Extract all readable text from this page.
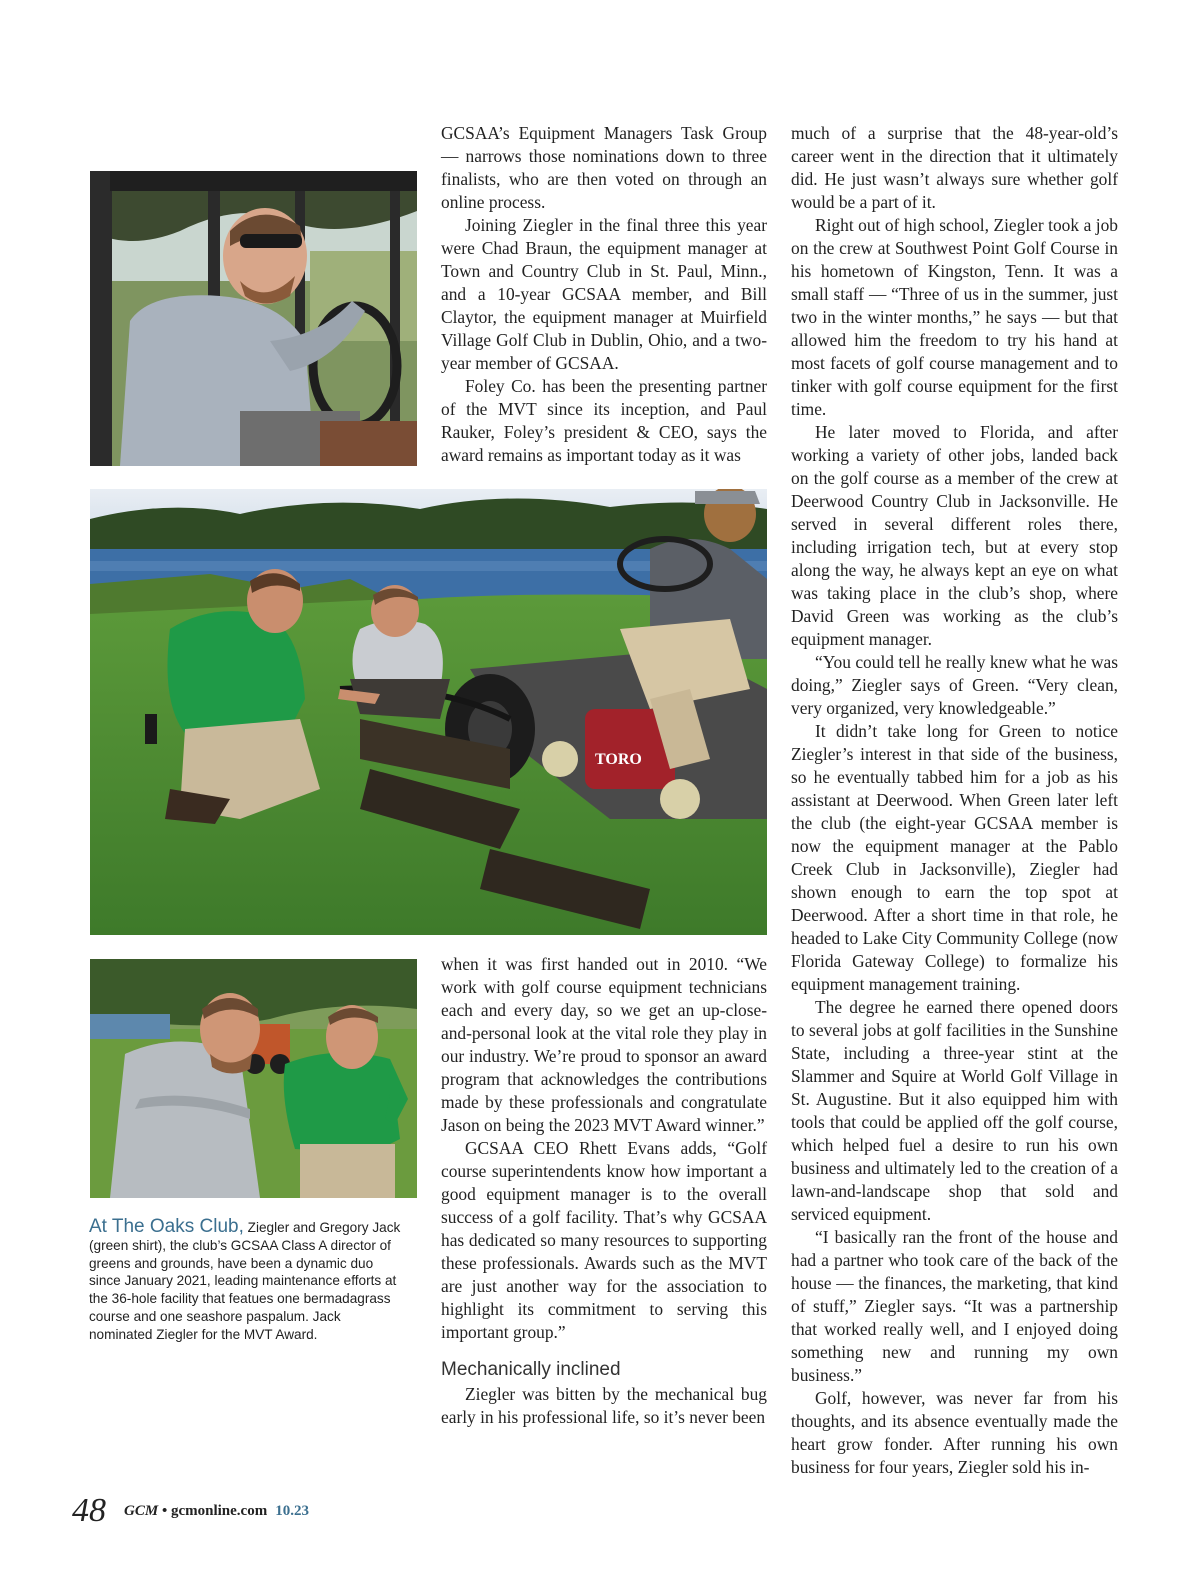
TORO

GCSAA’s Equipment Managers Task Group — narrows those nominations down to three finalists, who are then voted on through an online process.

Joining Ziegler in the final three this year were Chad Braun, the equipment manager at Town and Country Club in St. Paul, Minn., and a 10-year GCSAA member, and Bill Claytor, the equipment manager at Muirfield Village Golf Club in Dublin, Ohio, and a two-year member of GCSAA.

Foley Co. has been the presenting partner of the MVT since its inception, and Paul Rauker, Foley’s president & CEO, says the award remains as important today as it was

when it was first handed out in 2010. “We work with golf course equipment technicians each and every day, so we get an up-close-and-personal look at the vital role they play in our industry. We’re proud to sponsor an award program that acknowledges the contributions made by these professionals and congratulate Jason on being the 2023 MVT Award winner.”

GCSAA CEO Rhett Evans adds, “Golf course superintendents know how important a good equipment manager is to the overall success of a golf facility. That’s why GCSAA has dedicated so many resources to supporting these professionals. Awards such as the MVT are just another way for the association to highlight its commitment to serving this important group.”

Mechanically inclined

Ziegler was bitten by the mechanical bug early in his professional life, so it’s never been

much of a surprise that the 48-year-old’s career went in the direction that it ultimately did. He just wasn’t always sure whether golf would be a part of it.

Right out of high school, Ziegler took a job on the crew at Southwest Point Golf Course in his hometown of Kingston, Tenn. It was a small staff — “Three of us in the summer, just two in the winter months,” he says — but that allowed him the freedom to try his hand at most facets of golf course management and to tinker with golf course equipment for the first time.

He later moved to Florida, and after working a variety of other jobs, landed back on the golf course as a member of the crew at Deerwood Country Club in Jacksonville. He served in several different roles there, including irrigation tech, but at every stop along the way, he always kept an eye on what was taking place in the club’s shop, where David Green was working as the club’s equipment manager.

“You could tell he really knew what he was doing,” Ziegler says of Green. “Very clean, very organized, very knowledgeable.”

It didn’t take long for Green to notice Ziegler’s interest in that side of the business, so he eventually tabbed him for a job as his assistant at Deerwood. When Green later left the club (the eight-year GCSAA member is now the equipment manager at the Pablo Creek Club in Jacksonville), Ziegler had shown enough to earn the top spot at Deerwood. After a short time in that role, he headed to Lake City Community College (now Florida Gateway College) to formalize his equipment management training.

The degree he earned there opened doors to several jobs at golf facilities in the Sunshine State, including a three-year stint at the Slammer and Squire at World Golf Village in St. Augustine. But it also equipped him with tools that could be applied off the golf course, which helped fuel a desire to run his own business and ultimately led to the creation of a lawn-and-landscape shop that sold and serviced equipment.

“I basically ran the front of the house and had a partner who took care of the back of the house — the finances, the marketing, that kind of stuff,” Ziegler says. “It was a partnership that worked really well, and I enjoyed doing something new and running my own business.”

Golf, however, was never far from his thoughts, and its absence eventually made the heart grow fonder. After running his own business for four years, Ziegler sold his in-

At The Oaks Club, Ziegler and Gregory Jack (green shirt), the club’s GCSAA Class A director of greens and grounds, have been a dynamic duo since January 2021, leading maintenance efforts at the 36-hole facility that featues one bermadagrass course and one seashore paspalum. Jack nominated Ziegler for the MVT Award.
48 GCM • gcmonline.com 10.23
